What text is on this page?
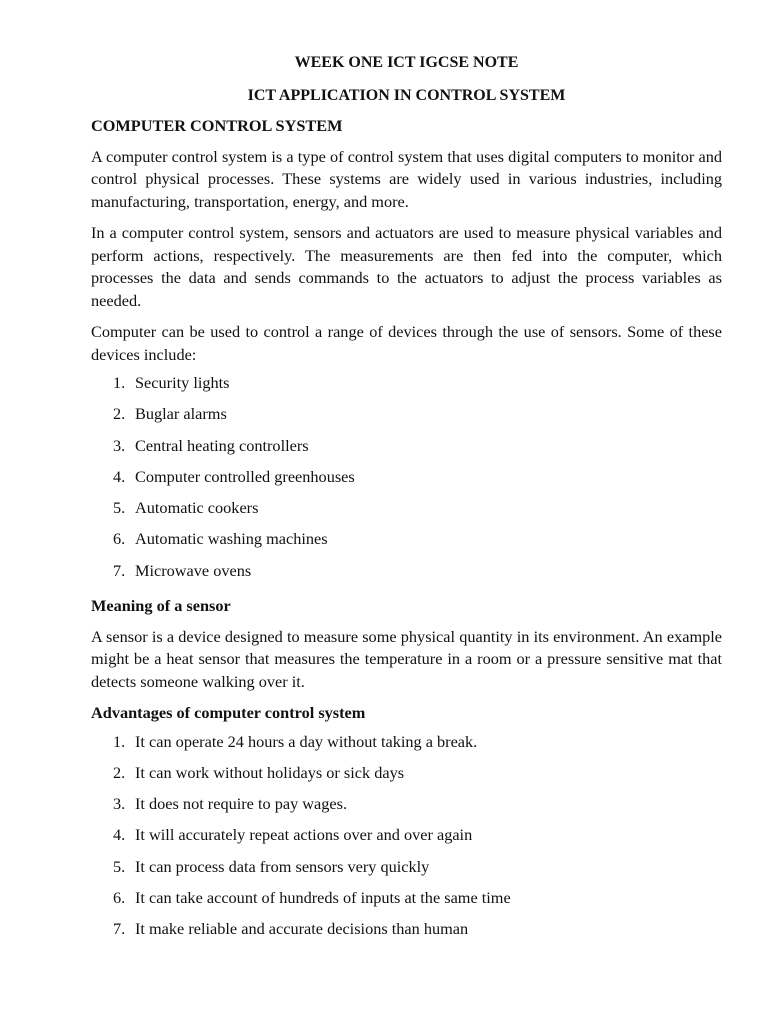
WEEK ONE ICT IGCSE NOTE
ICT APPLICATION IN CONTROL SYSTEM
COMPUTER CONTROL SYSTEM

A computer control system is a type of control system that uses digital computers to monitor and control physical processes. These systems are widely used in various industries, including manufacturing, transportation, energy, and more.

In a computer control system, sensors and actuators are used to measure physical variables and perform actions, respectively. The measurements are then fed into the computer, which processes the data and sends commands to the actuators to adjust the process variables as needed.

Computer can be used to control a range of devices through the use of sensors. Some of these devices include:

1. Security lights
2. Buglar alarms
3. Central heating controllers
4. Computer controlled greenhouses
5. Automatic cookers
6. Automatic washing machines
7. Microwave ovens
Meaning of a sensor

A sensor is a device designed to measure some physical quantity in its environment. An example might be a heat sensor that measures the temperature in a room or a pressure sensitive mat that detects someone walking over it.

Advantages of computer control system
1. It can operate 24 hours a day without taking a break.
2. It can work without holidays or sick days
3. It does not require to pay wages.
4. It will accurately repeat actions over and over again
5. It can process data from sensors very quickly
6. It can take account of hundreds of inputs at the same time
7. It make reliable and accurate decisions than human
